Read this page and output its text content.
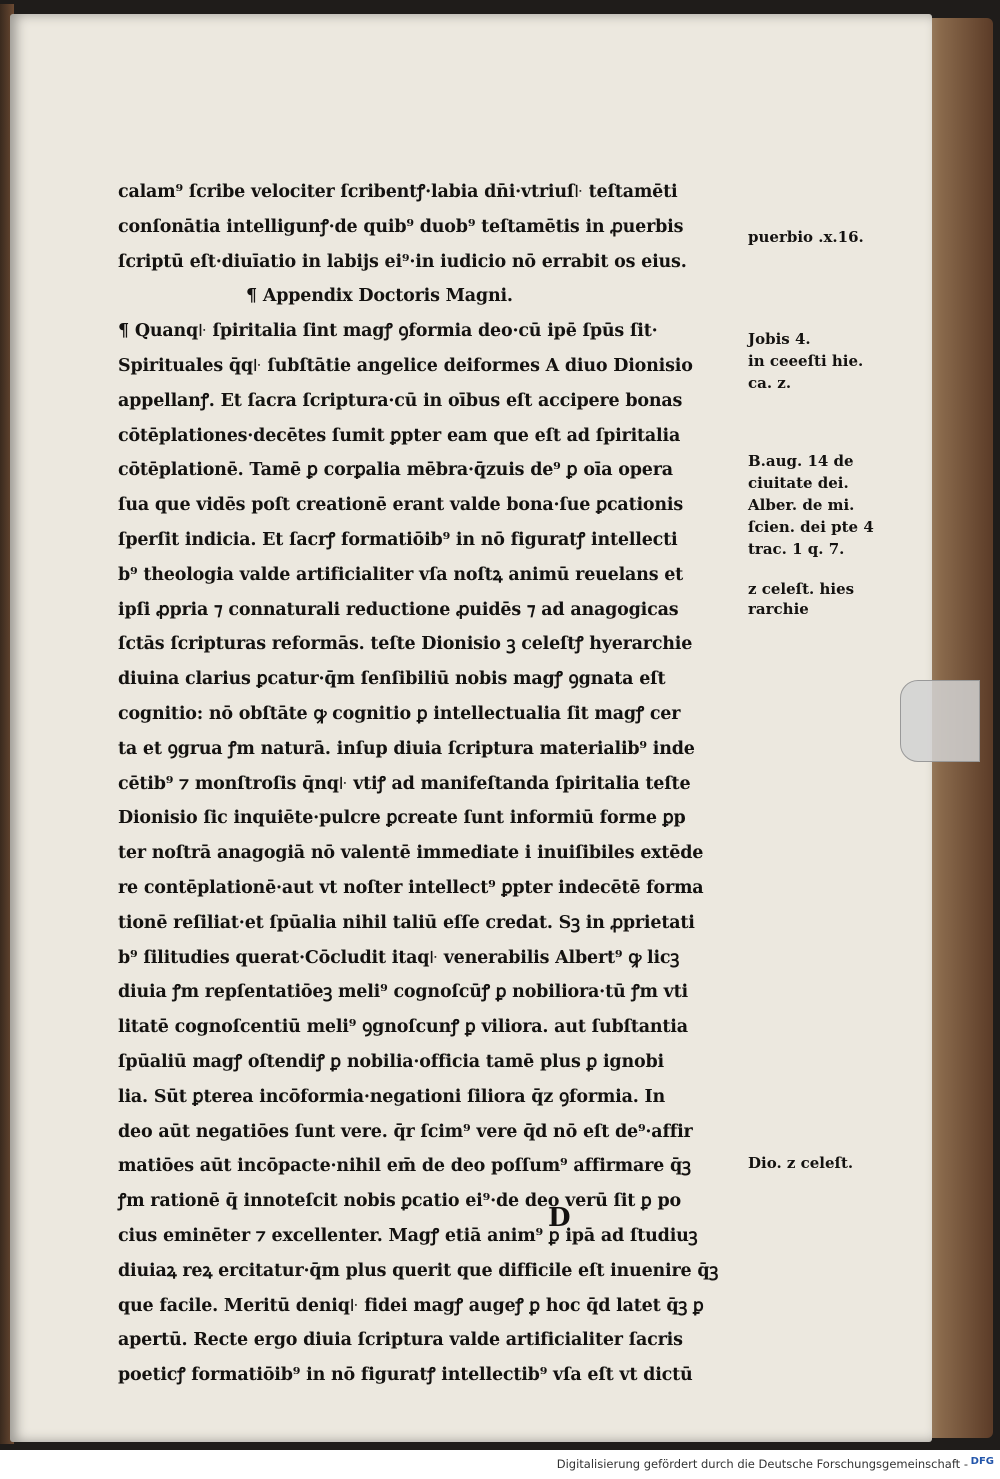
calam⁹ ſcribe velociter ſcribentꝭ·labia dn̄i·vtriuſ꜏ teſtamēti
conſonātia intelligunꝭ·de quib⁹ duob⁹ teſtamētis in ꝓuerbis
ſcriptū eſt·diuīatio in labijs ei⁹·in iudicio nō errabit os eius.
¶ Appendix Doctoris Magni.
¶ Quanq꜏ ſpiritalia ſint magꝭ ꝯformia deo·cū ipē ſpūs ſit·
Spirituales q̄q꜏ ſubſtātie angelice deiformes A diuo Dionisio
appellanꝭ. Et ſacra ſcriptura·cū in oībus eſt accipere bonas
cōtēplationes·decētes ſumit ꝑpter eam que eſt ad ſpiritalia
cōtēplationē. Tamē ꝑ corꝑalia mēbra·q̄zuis de⁹ ꝑ oīa opera
ſua que vidēs poſt creationē erant valde bona·ſue ꝑcationis
ſperſit indicia. Et ſacrꝭ formatiōib⁹ in nō figuratꝭ intellecti
b⁹ theologia valde artificialiter vſa noſtꝝ animū reuelans et
ipſi ꝓpria ⁊ connaturali reductione ꝓuidēs ⁊ ad anagogicas
ſctās ſcripturas reformās. teſte Dionisio ꝫ celeſtꝭ hyerarchie
diuina clarius ꝑcatur·q̄m ſenſibiliū nobis magꝭ ꝯgnata eſt
cognitio: nō obſtāte ꝙ cognitio ꝑ intellectualia ſit magꝭ cer
ta et ꝯgrua ꝭm naturā. inſup diuia ſcriptura materialib⁹ inde
cētib⁹ ⁊ monſtroſis q̄nq꜏ vtiꝭ ad manifeſtanda ſpiritalia teſte
Dionisio ſic inquiēte·pulcre ꝑcreate ſunt informiū forme ꝑp
ter noſtrā anagogiā nō valentē immediate i inuiſibiles extēde
re contēplationē·aut vt noſter intellect⁹ ꝑpter indecētē forma
tionē reſiliat·et ſpūalia nihil taliū eſſe credat. Sꝫ in ꝓprietati
b⁹ ſilitudies querat·Cōcludit itaq꜏ venerabilis Albert⁹ ꝙ licꝫ
diuia ꝭm repſentatiōeꝫ meli⁹ cognoſcūꝭ ꝑ nobiliora·tū ꝭm vti
litatē cognoſcentiū meli⁹ ꝯgnoſcunꝭ ꝑ viliora. aut ſubſtantia
ſpūaliū magꝭ oſtendiꝭ ꝑ nobilia·officia tamē plus ꝑ ignobi
lia. Sūt ꝑterea incōformia·negationi ſiliora q̄z ꝯformia. In
deo aūt negatiōes ſunt vere. q̄r ſcim⁹ vere q̄d nō eſt de⁹·affir
matiōes aūt incōpacte·nihil em̄ de deo poſſum⁹ affirmare q̄ꝫ
ꝭm rationē q̄ innoteſcit nobis ꝑcatio ei⁹·de deo verū ſit ꝑ po
cius eminēter ⁊ excellenter. Magꝭ etiā anim⁹ ꝑ ipā ad ſtudiuꝫ
diuiaꝝ reꝝ ercitatur·q̄m plus querit que difficile eſt inuenire q̄ꝫ
que facile. Meritū deniq꜏ fidei magꝭ augeꝭ ꝑ hoc q̄d latet q̄ꝫ ꝑ
apertū. Recte ergo diuia ſcriptura valde artificialiter ſacris
poeticꝭ formatiōib⁹ in nō figuratꝭ intellectib⁹ vſa eſt vt dictū
D
puerbio .x.16.
Jobis 4.
in ceeeſti hie.
ca. z.
B.aug. 14 de
ciuitate dei.
Alber. de mi.
ſcien. dei pte 4
trac. 1 q. 7.
z celeſt. hies
rarchie
Dio. z celeſt.
Digitalisierung gefördert durch die Deutsche Forschungsgemeinschaft - DFG
